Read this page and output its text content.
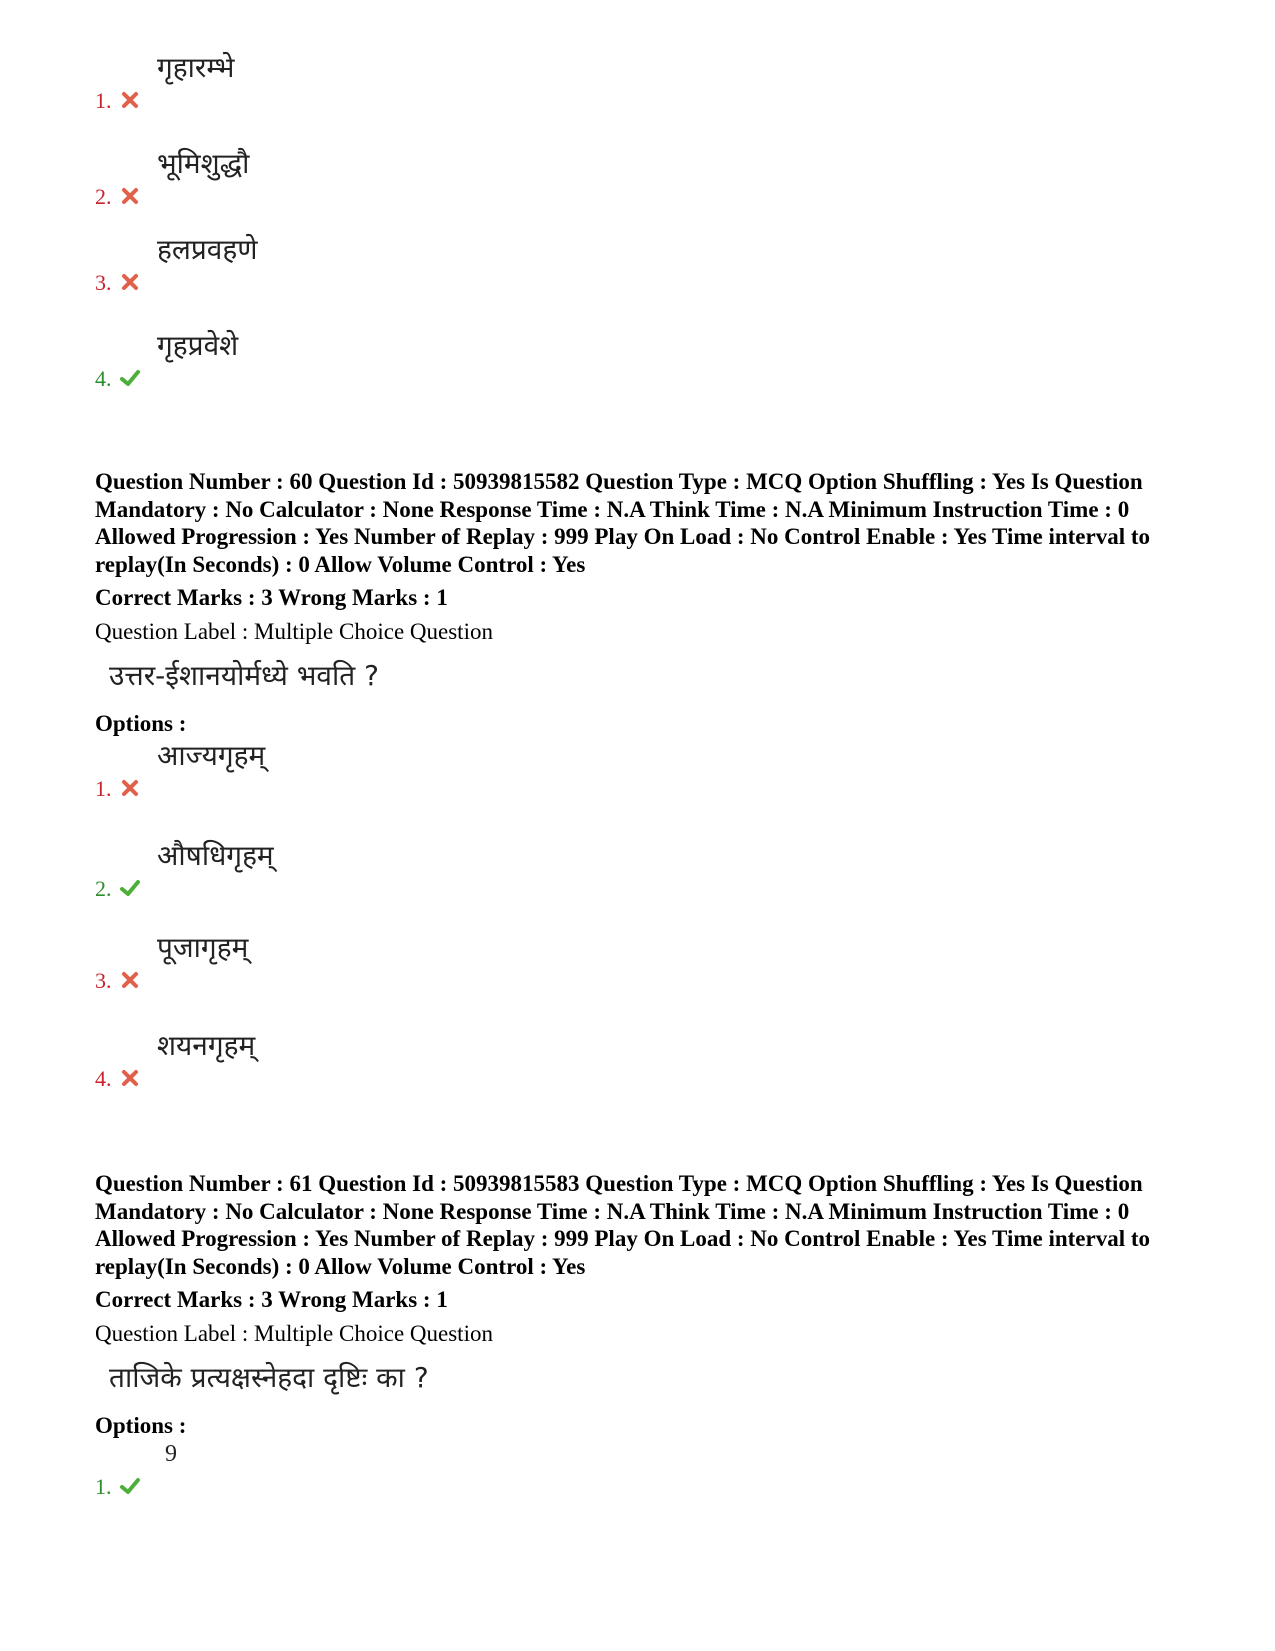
1.
गृहारम्भे
2.
भूमिशुद्धौ
3.
हलप्रवहणे
4.
गृहप्रवेशे

Question Number : 60 Question Id : 50939815582 Question Type : MCQ Option Shuffling : Yes Is Question Mandatory : No Calculator : None Response Time : N.A Think Time : N.A Minimum Instruction Time : 0 Allowed Progression : Yes Number of Replay : 999 Play On Load : No Control Enable : Yes Time interval to replay(In Seconds) : 0 Allow Volume Control : Yes

Correct Marks : 3 Wrong Marks : 1

Question Label : Multiple Choice Question

उत्तर-ईशानयोर्मध्ये भवति ?

Options :

1.
आज्यगृहम्
2.
औषधिगृहम्
3.
पूजागृहम्
4.
शयनगृहम्

Question Number : 61 Question Id : 50939815583 Question Type : MCQ Option Shuffling : Yes Is Question Mandatory : No Calculator : None Response Time : N.A Think Time : N.A Minimum Instruction Time : 0 Allowed Progression : Yes Number of Replay : 999 Play On Load : No Control Enable : Yes Time interval to replay(In Seconds) : 0 Allow Volume Control : Yes

Correct Marks : 3 Wrong Marks : 1

Question Label : Multiple Choice Question

ताजिके प्रत्यक्षस्नेहदा दृष्टिः का ?

Options :

1.
9
